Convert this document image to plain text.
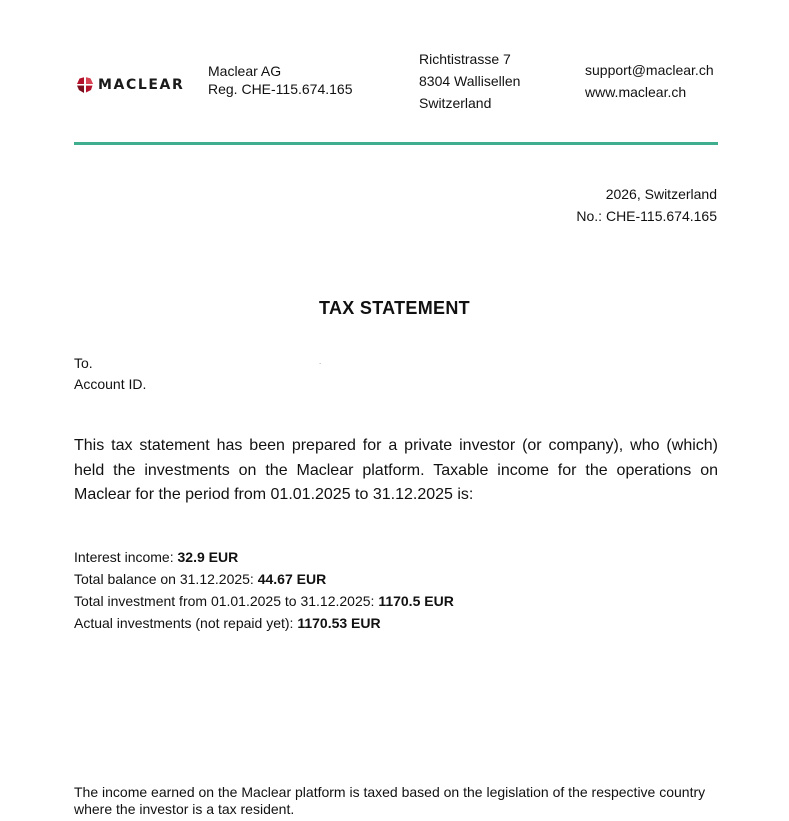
MACLEAR
Maclear AG
Reg. CHE-115.674.165
Richtistrasse 7
8304 Wallisellen
Switzerland
support@maclear.ch
www.maclear.ch
2026, Switzerland
No.: CHE-115.674.165
TAX STATEMENT
To.
Account ID.
.
This tax statement has been prepared for a private investor (or company), who (which) held the investments on the Maclear platform. Taxable income for the operations on Maclear for the period from 01.01.2025 to 31.12.2025 is:
Interest income: 32.9 EUR
Total balance on 31.12.2025: 44.67 EUR
Total investment from 01.01.2025 to 31.12.2025: 1170.5 EUR
Actual investments (not repaid yet): 1170.53 EUR
The income earned on the Maclear platform is taxed based on the legislation of the respective country where the investor is a tax resident.
